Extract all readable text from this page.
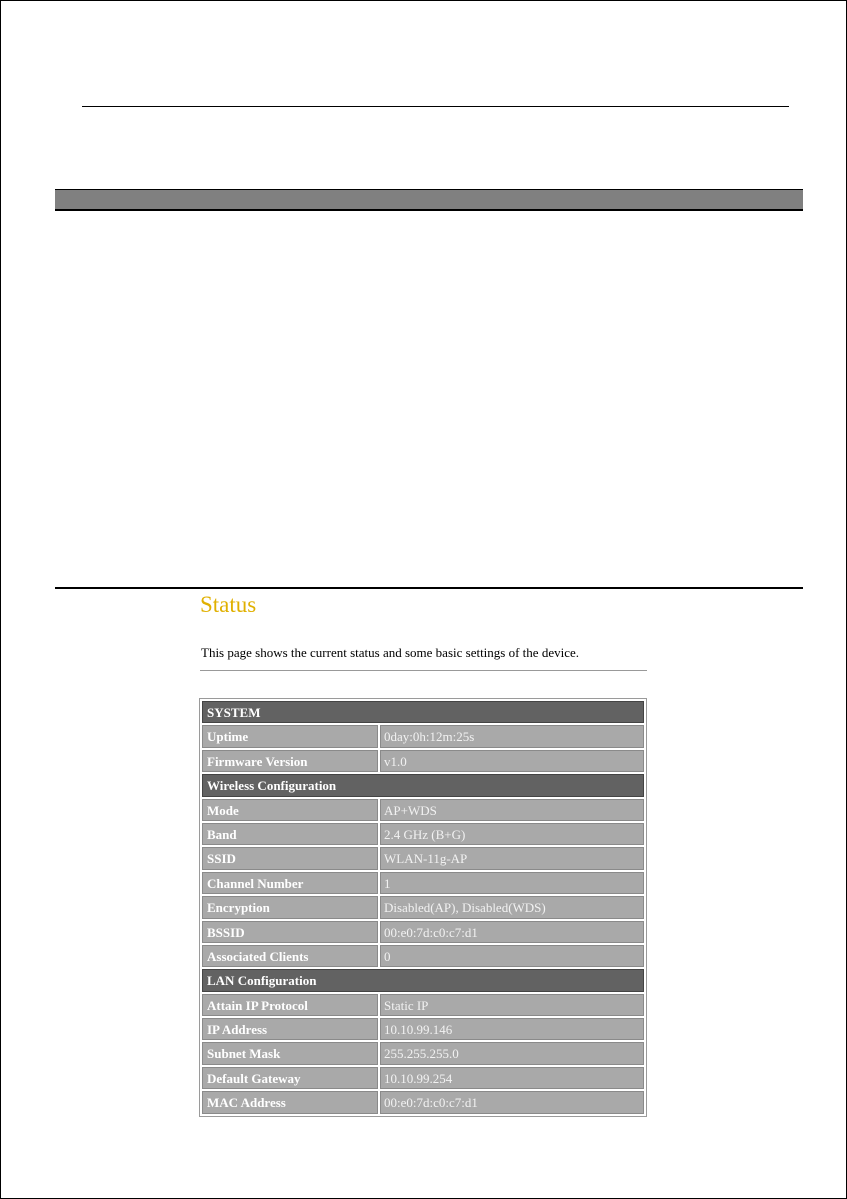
Status
This page shows the current status and some basic settings of the device.
SYSTEM
Uptime	0day:0h:12m:25s
Firmware Version	v1.0
Wireless Configuration
Mode	AP+WDS
Band	2.4 GHz (B+G)
SSID	WLAN-11g-AP
Channel Number	1
Encryption	Disabled(AP), Disabled(WDS)
BSSID	00:e0:7d:c0:c7:d1
Associated Clients	0
LAN Configuration
Attain IP Protocol	Static IP
IP Address	10.10.99.146
Subnet Mask	255.255.255.0
Default Gateway	10.10.99.254
MAC Address	00:e0:7d:c0:c7:d1
